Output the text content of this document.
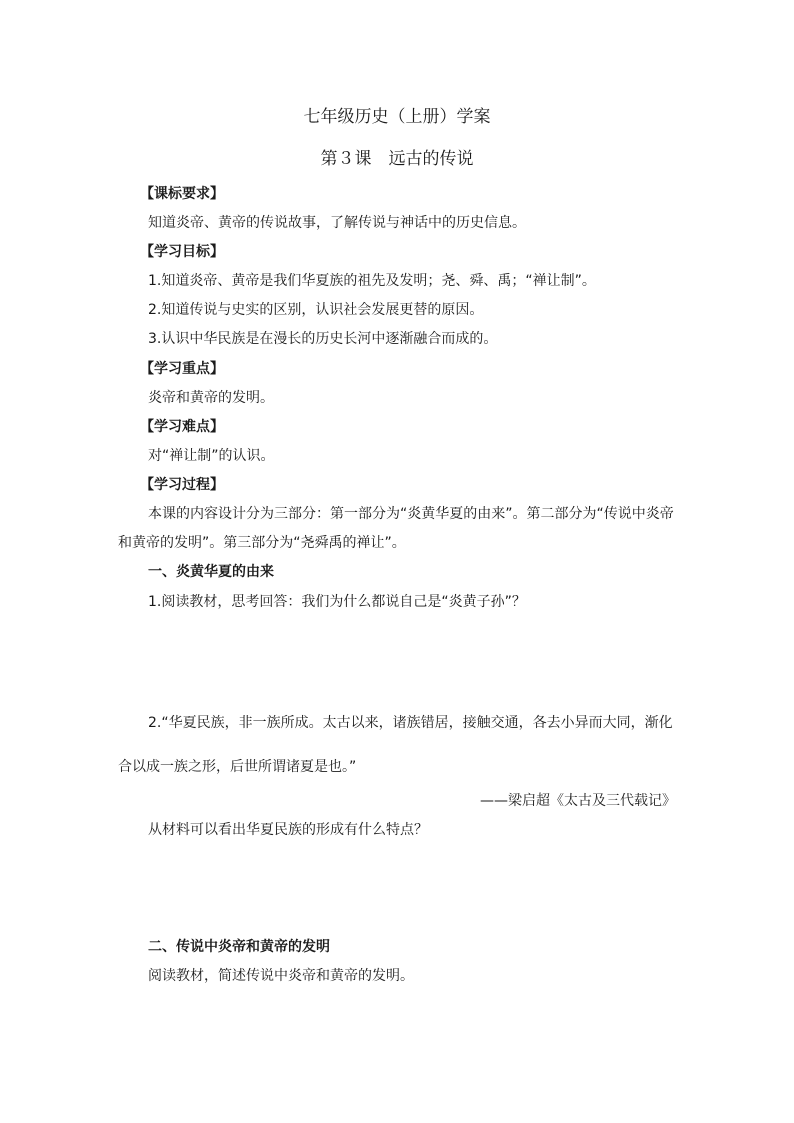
七年级历史（上册）学案
第３课　远古的传说
【课标要求】
知道炎帝、黄帝的传说故事，了解传说与神话中的历史信息。
【学习目标】
1.知道炎帝、黄帝是我们华夏族的祖先及发明；尧、舜、禹；“禅让制”。
2.知道传说与史实的区别，认识社会发展更替的原因。
3.认识中华民族是在漫长的历史长河中逐渐融合而成的。
【学习重点】
炎帝和黄帝的发明。
【学习难点】
对“禅让制”的认识。
【学习过程】
本课的内容设计分为三部分：第一部分为“炎黄华夏的由来”。第二部分为“传说中炎帝
和黄帝的发明”。第三部分为“尧舜禹的禅让”。
一、炎黄华夏的由来
1.阅读教材，思考回答：我们为什么都说自己是“炎黄子孙”？
2.“华夏民族，非一族所成。太古以来，诸族错居，接触交通，各去小异而大同，渐化
合以成一族之形，后世所谓诸夏是也。”
——梁启超《太古及三代载记》
从材料可以看出华夏民族的形成有什么特点？
二、传说中炎帝和黄帝的发明
阅读教材，简述传说中炎帝和黄帝的发明。
